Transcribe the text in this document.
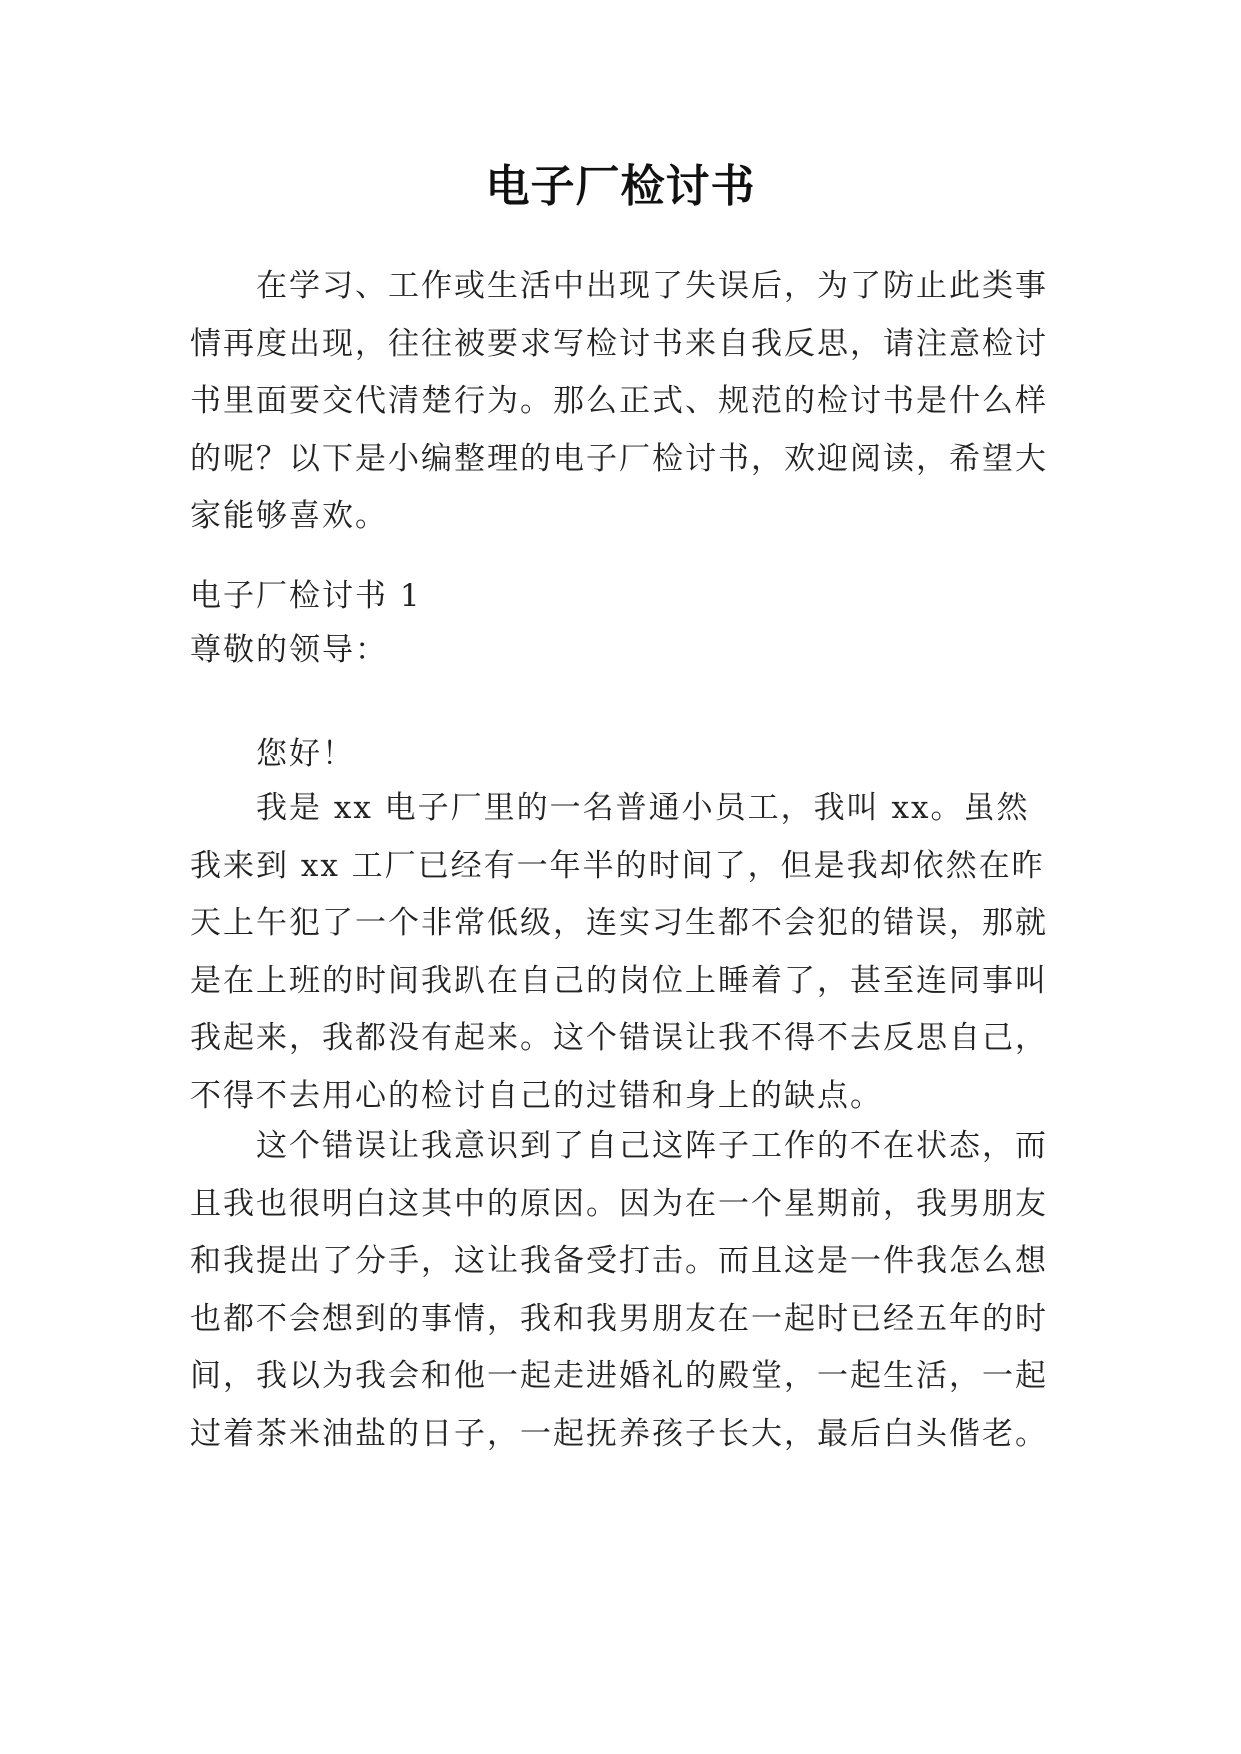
电子厂检讨书

在学习、工作或生活中出现了失误后，为了防止此类事情再度出现，往往被要求写检讨书来自我反思，请注意检讨书里面要交代清楚行为。那么正式、规范的检讨书是什么样的呢？以下是小编整理的电子厂检讨书，欢迎阅读，希望大家能够喜欢。

电子厂检讨书 1

尊敬的领导：

您好！

我是 xx 电子厂里的一名普通小员工，我叫 xx。虽然我来到 xx 工厂已经有一年半的时间了，但是我却依然在昨天上午犯了一个非常低级，连实习生都不会犯的错误，那就是在上班的时间我趴在自己的岗位上睡着了，甚至连同事叫我起来，我都没有起来。这个错误让我不得不去反思自己，不得不去用心的检讨自己的过错和身上的缺点。

这个错误让我意识到了自己这阵子工作的不在状态，而且我也很明白这其中的原因。因为在一个星期前，我男朋友和我提出了分手，这让我备受打击。而且这是一件我怎么想也都不会想到的事情，我和我男朋友在一起时已经五年的时间，我以为我会和他一起走进婚礼的殿堂，一起生活，一起过着茶米油盐的日子，一起抚养孩子长大，最后白头偕老。
